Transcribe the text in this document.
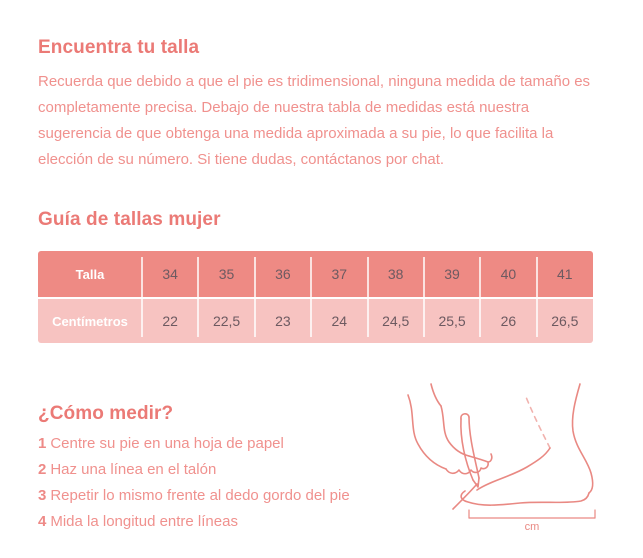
Encuentra tu talla

Recuerda que debido a que el pie es tridimensional, ninguna medida de tamaño es completamente precisa. Debajo de nuestra tabla de medidas está nuestra sugerencia de que obtenga una medida aproximada a su pie, lo que facilita la elección de su número. Si tiene dudas, contáctanos por chat.

Guía de tallas mujer
Talla	34	35	36	37	38	39	40	41
Centímetros	22	22,5	23	24	24,5	25,5	26	26,5
¿Cómo medir?
1 Centre su pie en una hoja de papel
2 Haz una línea en el talón
3 Repetir lo mismo frente al dedo gordo del pie
4 Mida la longitud entre líneas	cm
